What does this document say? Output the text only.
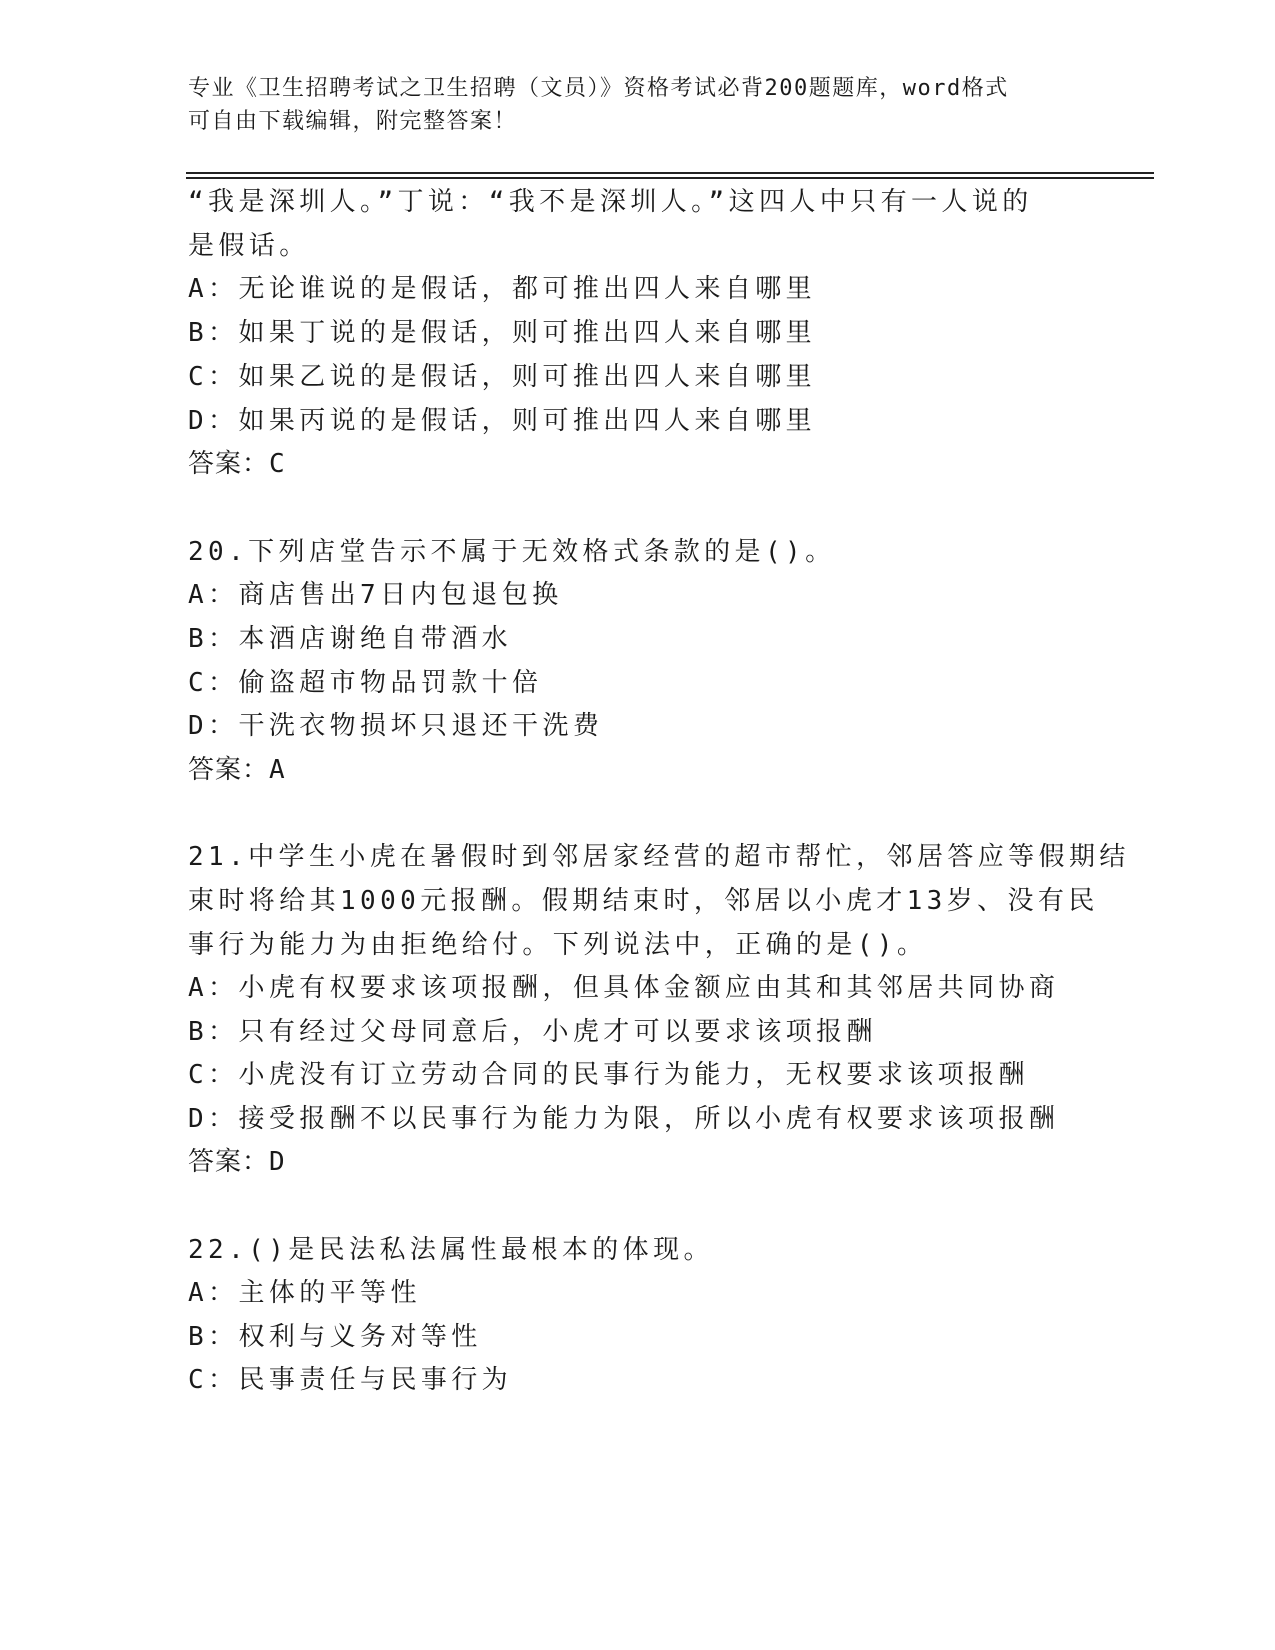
专业《卫生招聘考试之卫生招聘（文员）》资格考试必背200题题库，word格式
可自由下载编辑，附完整答案！
“我是深圳人。”丁说：“我不是深圳人。”这四人中只有一人说的
是假话。
A：无论谁说的是假话，都可推出四人来自哪里
B：如果丁说的是假话，则可推出四人来自哪里
C：如果乙说的是假话，则可推出四人来自哪里
D：如果丙说的是假话，则可推出四人来自哪里
答案：C
20.下列店堂告示不属于无效格式条款的是()。
A：商店售出7日内包退包换
B：本酒店谢绝自带酒水
C：偷盗超市物品罚款十倍
D：干洗衣物损坏只退还干洗费
答案：A
21.中学生小虎在暑假时到邻居家经营的超市帮忙，邻居答应等假期结
束时将给其1000元报酬。假期结束时，邻居以小虎才13岁、没有民
事行为能力为由拒绝给付。下列说法中，正确的是()。
A：小虎有权要求该项报酬，但具体金额应由其和其邻居共同协商
B：只有经过父母同意后，小虎才可以要求该项报酬
C：小虎没有订立劳动合同的民事行为能力，无权要求该项报酬
D：接受报酬不以民事行为能力为限，所以小虎有权要求该项报酬
答案：D
22.()是民法私法属性最根本的体现。
A：主体的平等性
B：权利与义务对等性
C：民事责任与民事行为
